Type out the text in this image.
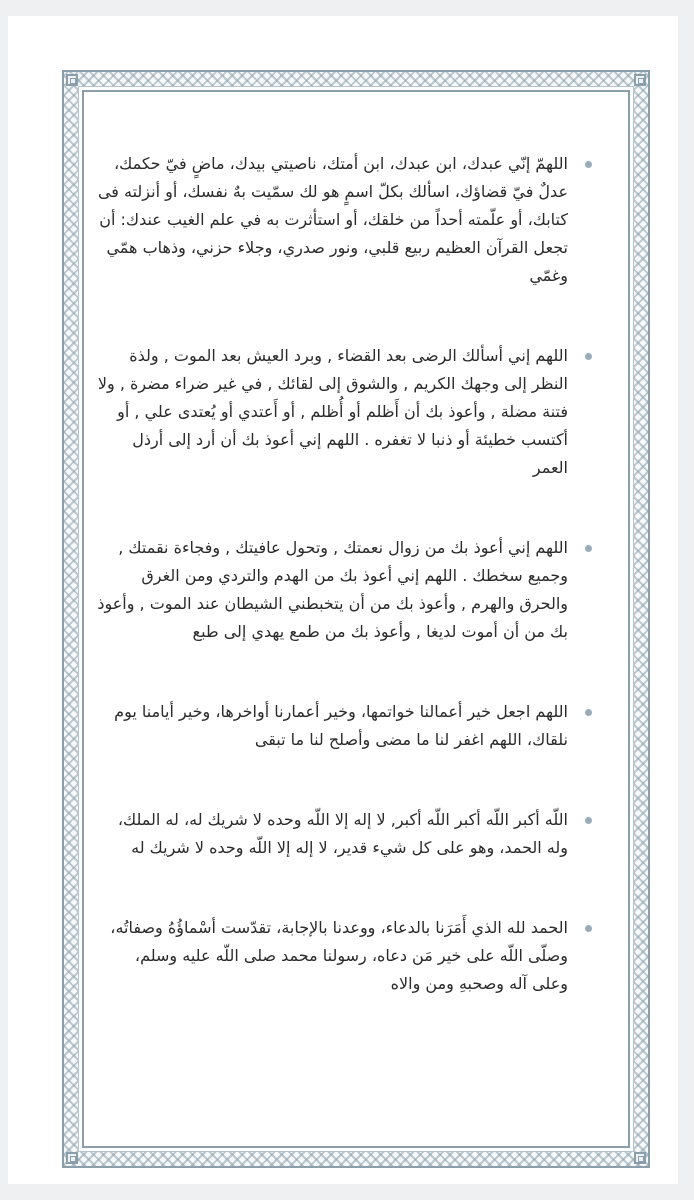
اللهمّ إنّي عبدك، ابن عبدك، ابن أمتك، ناصيتي بيدك، ماضٍ فيّ حكمك، عدلٌ فيّ قضاؤك، اسألك بكلّ اسمٍ هو لك سمّيت بهٌ نفسك، أو أنزلته فى كتابك، أو علّمته أحداً من خلقك، أو استأثرت به في علم الغيب عندك: أن تجعل القرآن العظيم ربيع قلبي، ونور صدري، وجلاء حزني، وذهاب همّي وغمّي

اللهم إني أسألك الرضى بعد القضاء , وبرد العيش بعد الموت , ولذة النظر إلى وجهك الكريم , والشوق إلى لقائك , في غير ضراء مضرة , ولا فتنة مضلة , وأعوذ بك أن أَظلم أو أُظلم , أو أَعتدي أو يُعتدى علي , أو أكتسب خطيئة أو ذنبا لا تغفره . اللهم إني أعوذ بك أن أرد إلى أرذل العمر

اللهم إني أعوذ بك من زوال نعمتك , وتحول عافيتك , وفجاءة نقمتك , وجميع سخطك . اللهم إني أعوذ بك من الهدم والتردي ومن الغرق والحرق والهرم , وأعوذ بك من أن يتخبطني الشيطان عند الموت , وأعوذ بك من أن أموت لديغا , وأعوذ بك من طمع يهدي إلى طبع

اللهم اجعل خير أعمالنا خواتمها، وخير أعمارنا أواخرها، وخير أيامنا يوم نلقاك، اللهم اغفر لنا ما مضى وأصلح لنا ما تبقى

اللّه أكبر اللّه أكبر اللّه أكبر, لا إله إلا اللّه وحده لا شريك له، له الملك، وله الحمد، وهو على كل شيء قدير، لا إله إلا اللّه وحده لا شريك له

الحمد لله الذي أَمَرَنا بالدعاء، ووعدنا بالإجابة، تقدّست أسْماؤُهُ وصفاتُه، وصلّى اللّه على خير مَن دعاه، رسولنا محمد صلى اللّه عليه وسلم، وعلى آله وصحبهِ ومن والاه
